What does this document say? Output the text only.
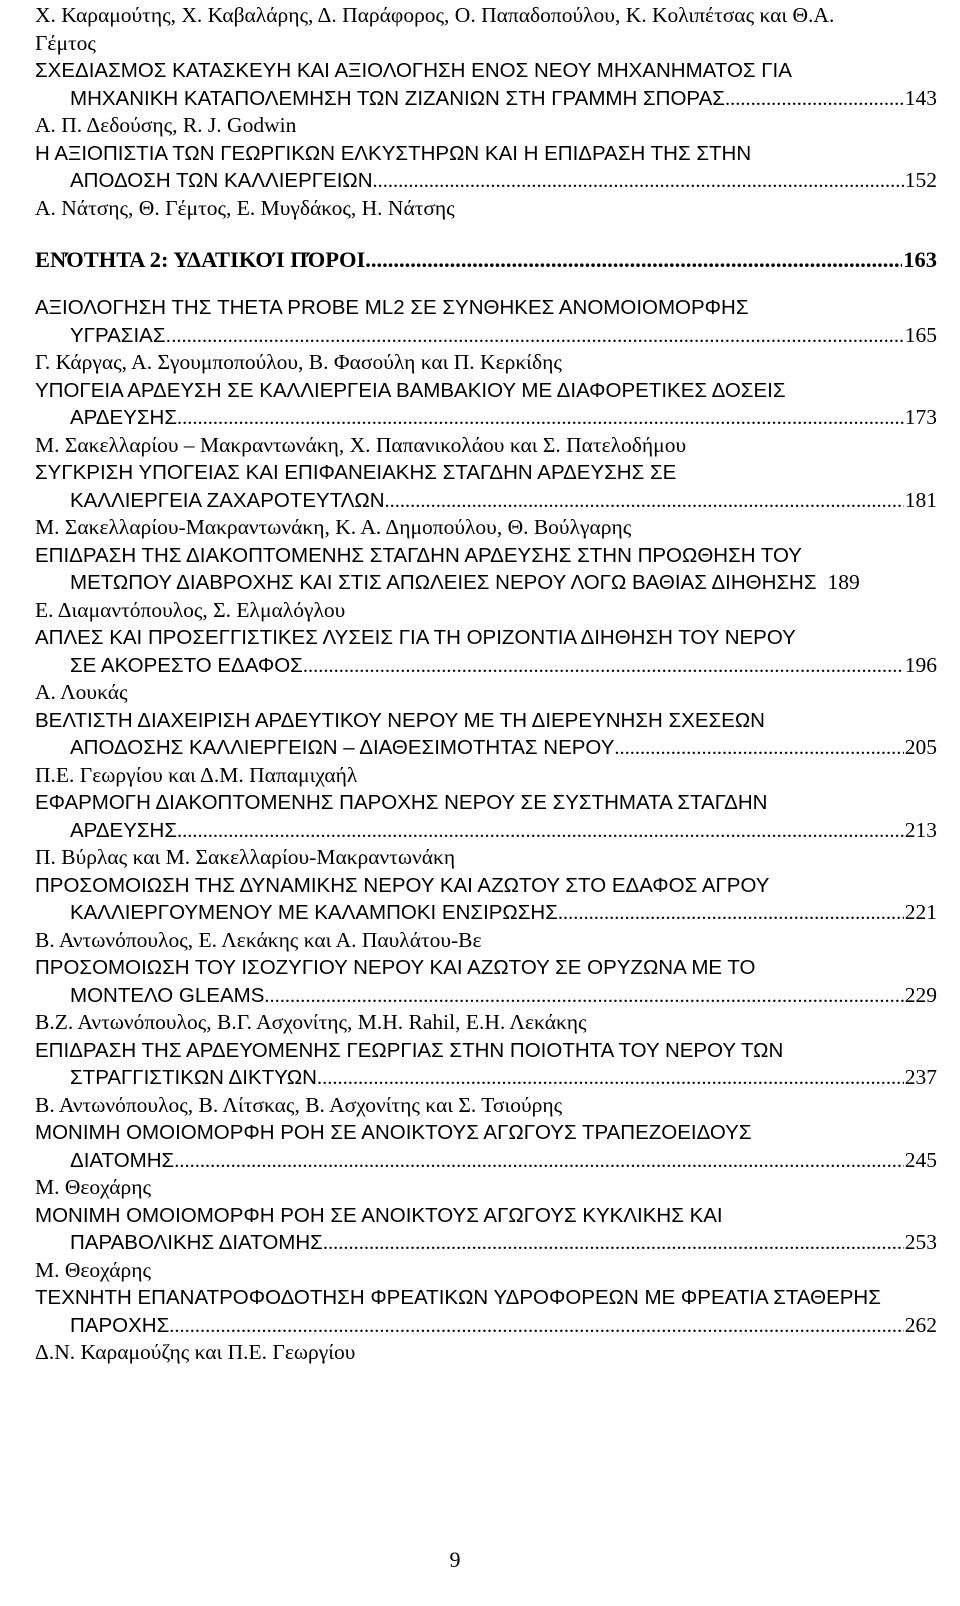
Χ. Καραμούτης, Χ. Καβαλάρης, Δ. Παράφορος, Ο. Παπαδοπούλου, Κ. Κολιπέτσας και Θ.Α.
Γέμτος
ΣΧΕΔΙΑΣΜΟΣ ΚΑΤΑΣΚΕΥΗ ΚΑΙ ΑΞΙΟΛΟΓΗΣΗ ΕΝΟΣ ΝΕΟΥ ΜΗΧΑΝΗΜΑΤΟΣ ΓΙΑ
ΜΗΧΑΝΙΚΗ ΚΑΤΑΠΟΛΕΜΗΣΗ ΤΩΝ ΖΙΖΑΝΙΩΝ ΣΤΗ ΓΡΑΜΜΗ ΣΠΟΡΑΣ .....	143
Α. Π. Δεδούσης, R. J. Godwin
Η ΑΞΙΟΠΙΣΤΙΑ ΤΩΝ ΓΕΩΡΓΙΚΩΝ ΕΛΚΥΣΤΗΡΩΝ ΚΑΙ Η ΕΠΙΔΡΑΣΗ ΤΗΣ ΣΤΗΝ
ΑΠΟΔΟΣΗ ΤΩΝ ΚΑΛΛΙΕΡΓΕΙΩΝ .....	152
Α. Νάτσης, Θ. Γέμτος, Ε. Μυγδάκος, Η. Νάτσης
ΕΝΌΤΗΤΑ 2: ΥΔΑΤΙΚΟΊ ΠΌΡΟΙ .....	163
ΑΞΙΟΛΟΓΗΣΗ ΤΗΣ THETA PROBE ML2 ΣΕ ΣΥΝΘΗΚΕΣ ΑΝΟΜΟΙΟΜΟΡΦΗΣ
ΥΓΡΑΣΙΑΣ. .....	165
Γ. Κάργας, Α. Σγουμποπούλου, Β. Φασούλη και Π. Κερκίδης
ΥΠΟΓΕΙΑ ΑΡΔΕΥΣΗ ΣΕ ΚΑΛΛΙΕΡΓΕΙΑ ΒΑΜΒΑΚΙΟΥ ΜΕ ΔΙΑΦΟΡΕΤΙΚΕΣ ΔΟΣΕΙΣ
ΑΡΔΕΥΣΗΣ .....	173
Μ. Σακελλαρίου – Μακραντωνάκη, Χ. Παπανικολάου και Σ. Πατελοδήμου
ΣΥΓΚΡΙΣΗ ΥΠΟΓΕΙΑΣ ΚΑΙ ΕΠΙΦΑΝΕΙΑΚΗΣ ΣΤΑΓΔΗΝ ΑΡΔΕΥΣΗΣ ΣΕ
ΚΑΛΛΙΕΡΓΕΙΑ ΖΑΧΑΡΟΤΕΥΤΛΩΝ .....	181
Μ. Σακελλαρίου-Μακραντωνάκη, Κ. Α. Δημοπούλου, Θ. Βούλγαρης
ΕΠΙΔΡΑΣΗ ΤΗΣ ΔΙΑΚΟΠΤΟΜΕΝΗΣ ΣΤΑΓΔΗΝ ΑΡΔΕΥΣΗΣ ΣΤΗΝ ΠΡΟΩΘΗΣΗ ΤΟΥ
ΜΕΤΩΠΟΥ ΔΙΑΒΡΟΧΗΣ ΚΑΙ ΣΤΙΣ ΑΠΩΛΕΙΕΣ ΝΕΡΟΥ ΛΟΓΩ ΒΑΘΙΑΣ ΔΙΗΘΗΣΗΣ 189
Ε. Διαμαντόπουλος, Σ. Ελμαλόγλου
ΑΠΛΕΣ ΚΑΙ ΠΡΟΣΕΓΓΙΣΤΙΚΕΣ ΛΥΣΕΙΣ ΓΙΑ ΤΗ ΟΡΙΖΟΝΤΙΑ ΔΙΗΘΗΣΗ ΤΟΥ ΝΕΡΟΥ
ΣΕ ΑΚΟΡΕΣΤΟ ΕΔΑΦΟΣ .....	196
Α. Λουκάς
ΒΕΛΤΙΣΤΗ ΔΙΑΧΕΙΡΙΣΗ ΑΡΔΕΥΤΙΚΟΥ ΝΕΡΟΥ ΜΕ ΤΗ ΔΙΕΡΕΥΝΗΣΗ ΣΧΕΣΕΩΝ
ΑΠΟΔΟΣΗΣ ΚΑΛΛΙΕΡΓΕΙΩΝ – ΔΙΑΘΕΣΙΜΟΤΗΤΑΣ ΝΕΡΟΥ .....	205
Π.Ε. Γεωργίου και Δ.Μ. Παπαμιχαήλ
ΕΦΑΡΜΟΓΗ ΔΙΑΚΟΠΤΟΜΕΝΗΣ ΠΑΡΟΧΗΣ ΝΕΡΟΥ ΣΕ ΣΥΣΤΗΜΑΤΑ ΣΤΑΓΔΗΝ
ΑΡΔΕΥΣΗΣ .....	213
Π. Βύρλας και Μ. Σακελλαρίου-Μακραντωνάκη
ΠΡΟΣΟΜΟΙΩΣΗ ΤΗΣ ΔΥΝΑΜΙΚΗΣ ΝΕΡΟΥ ΚΑΙ ΑΖΩΤΟΥ ΣΤΟ ΕΔΑΦΟΣ ΑΓΡΟΥ
ΚΑΛΛΙΕΡΓΟΥΜΕΝΟΥ ΜΕ ΚΑΛΑΜΠΟΚΙ ΕΝΣΙΡΩΣΗΣ .....	221
Β. Αντωνόπουλος, Ε. Λεκάκης και Α. Παυλάτου-Βε
ΠΡΟΣΟΜΟΙΩΣΗ ΤΟΥ ΙΣΟΖΥΓΙΟΥ ΝΕΡΟΥ ΚΑΙ ΑΖΩΤΟΥ ΣΕ ΟΡΥΖΩΝΑ ΜΕ ΤΟ
ΜΟΝΤΕΛΟ GLEAMS .....	229
Β.Ζ. Αντωνόπουλος, Β.Γ. Ασχονίτης, Μ.Η. Rahil, Ε.Η. Λεκάκης
ΕΠΙΔΡΑΣΗ ΤΗΣ ΑΡΔΕΥΟΜΕΝΗΣ ΓΕΩΡΓΙΑΣ ΣΤΗΝ ΠΟΙΟΤΗΤΑ ΤΟΥ ΝΕΡΟΥ ΤΩΝ
ΣΤΡΑΓΓΙΣΤΙΚΩΝ ΔΙΚΤΥΩΝ .....	237
Β. Αντωνόπουλος, Β. Λίτσκας, Β. Ασχονίτης και Σ. Τσιούρης
ΜΟΝΙΜΗ ΟΜΟΙΟΜΟΡΦΗ ΡΟΗ ΣΕ ΑΝΟΙΚΤΟΥΣ ΑΓΩΓΟΥΣ ΤΡΑΠΕΖΟΕΙΔΟΥΣ
ΔΙΑΤΟΜΗΣ .....	245
Μ. Θεοχάρης
ΜΟΝΙΜΗ ΟΜΟΙΟΜΟΡΦΗ ΡΟΗ ΣΕ ΑΝΟΙΚΤΟΥΣ ΑΓΩΓΟΥΣ ΚΥΚΛΙΚΗΣ ΚΑΙ
ΠΑΡΑΒΟΛΙΚΗΣ ΔΙΑΤΟΜΗΣ .....	253
Μ. Θεοχάρης
ΤΕΧΝΗΤΗ ΕΠΑΝΑΤΡΟΦΟΔΟΤΗΣΗ ΦΡΕΑΤΙΚΩΝ ΥΔΡΟΦΟΡΕΩΝ ΜΕ ΦΡΕΑΤΙΑ ΣΤΑΘΕΡΗΣ
ΠΑΡΟΧΗΣ .....	262
Δ.Ν. Καραμούζης και Π.Ε. Γεωργίου
9
